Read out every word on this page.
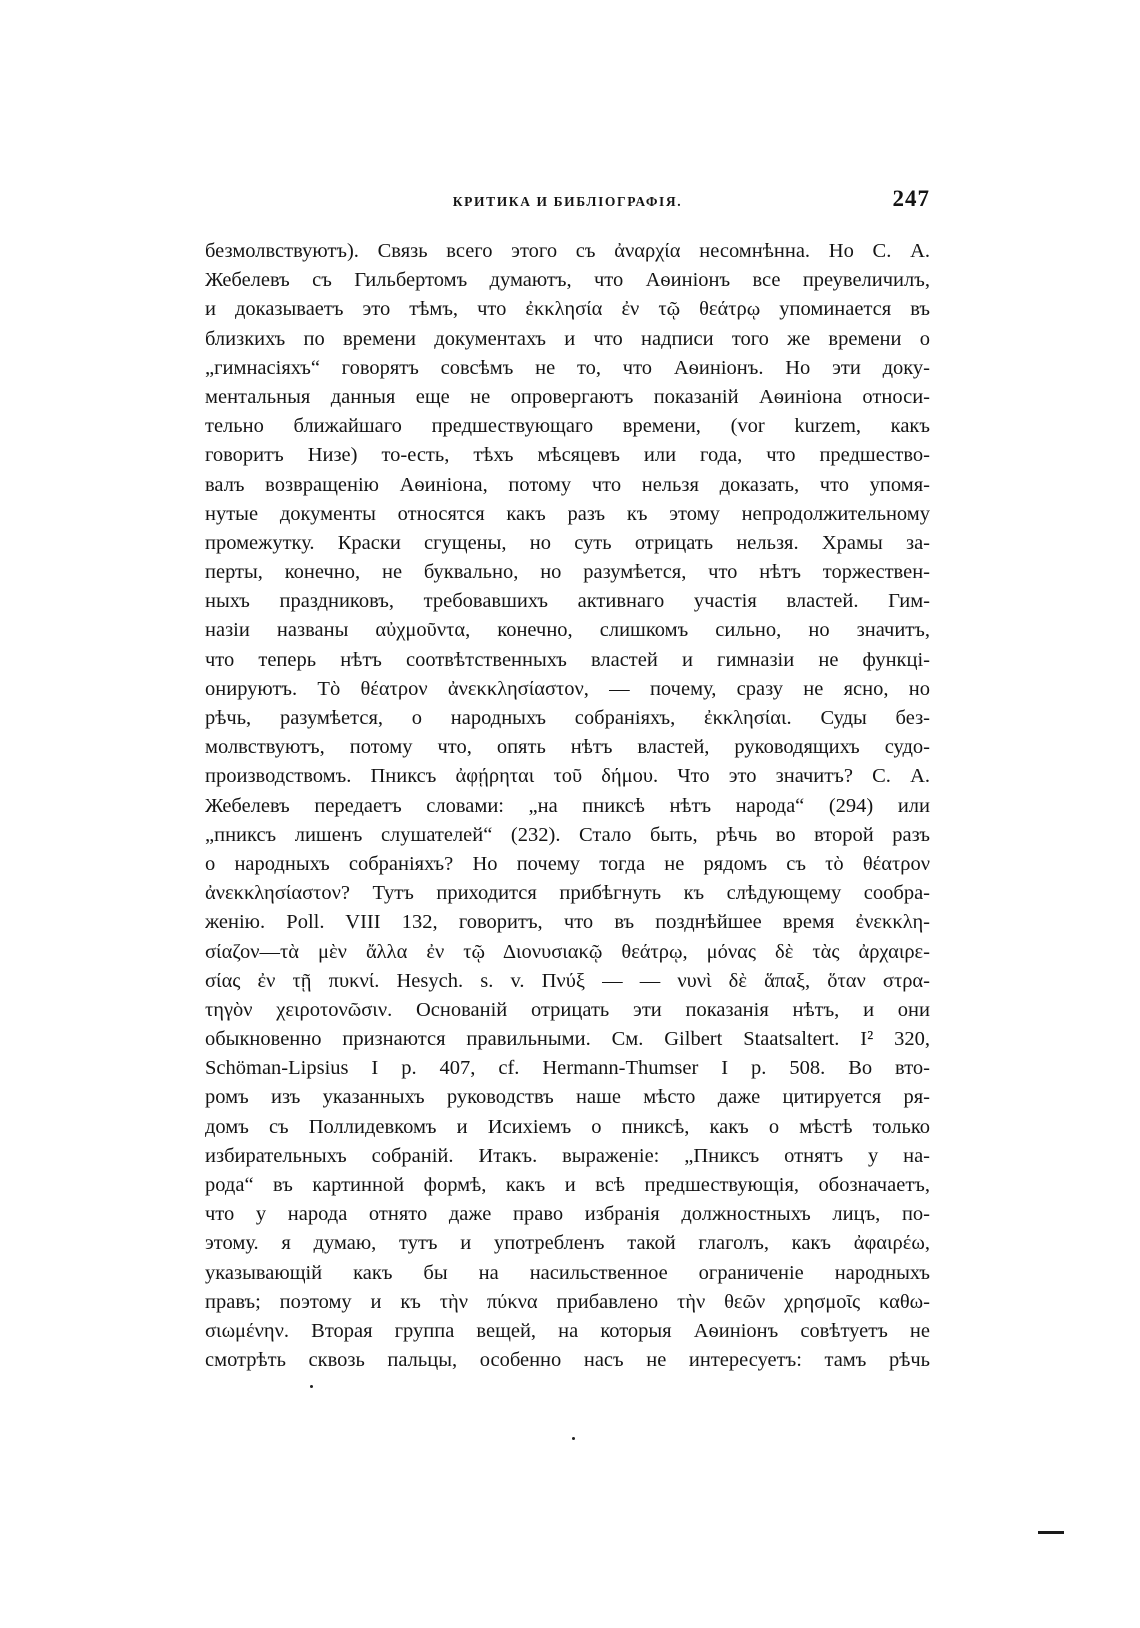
КРИТИКА И БИБЛІОГРАФІЯ.	247
безмолвствуютъ). Связь всего этого съ ἀναρχία несомнѣнна. Но С. А.
Жебелевъ съ Гильбертомъ думаютъ, что Аѳиніонъ все преувеличилъ,
и доказываетъ это тѣмъ, что ἐκκλησία ἐν τῷ θεάτρῳ упоминается въ
близкихъ по времени документахъ и что надписи того же времени о
„гимнасіяхъ“ говорятъ совсѣмъ не то, что Аѳиніонъ. Но эти доку-
ментальныя данныя еще не опровергаютъ показаній Аѳиніона относи-
тельно ближайшаго предшествующаго времени, (vor kurzem, какъ
говоритъ Низе) то-есть, тѣхъ мѣсяцевъ или года, что предшество-
валъ возвращенію Аѳиніона, потому что нельзя доказать, что упомя-
нутые документы относятся какъ разъ къ этому непродолжительному
промежутку. Краски сгущены, но суть отрицать нельзя. Храмы за-
перты, конечно, не буквально, но разумѣется, что нѣтъ торжествен-
ныхъ праздниковъ, требовавшихъ активнаго участія властей. Гим-
назіи названы αὐχμοῦντα, конечно, слишкомъ сильно, но значитъ,
что теперь нѣтъ соотвѣтственныхъ властей и гимназіи не функці-
онируютъ. Τὸ θέατρον ἀνεκκλησίαστον, — почему, сразу не ясно, но
рѣчь, разумѣется, о народныхъ собраніяхъ, ἐκκλησίαι. Суды без-
молвствуютъ, потому что, опять нѣтъ властей, руководящихъ судо-
производствомъ. Пниксъ ἀφῄρηται τοῦ δήμου. Что это значитъ? С. А.
Жебелевъ передаетъ словами: „на пниксѣ нѣтъ народа“ (294) или
„пниксъ лишенъ слушателей“ (232). Стало быть, рѣчь во второй разъ
о народныхъ собраніяхъ? Но почему тогда не рядомъ съ τὸ θέατρον
ἀνεκκλησίαστον? Тутъ приходится прибѣгнуть къ слѣдующему сообра-
женію. Poll. VIII 132, говоритъ, что въ позднѣйшее время ἐνεκκλη-
σίαζον—τὰ μὲν ἄλλα ἐν τῷ Διονυσιακῷ θεάτρῳ, μόνας δὲ τὰς ἀρχαιρε-
σίας ἐν τῇ πυκνί. Hesych. s. v. Πνύξ — — νυνὶ δὲ ἅπαξ, ὅταν στρα-
τηγὸν χειροτονῶσιν. Основаній отрицать эти показанія нѣтъ, и они
обыкновенно признаются правильными. См. Gilbert Staatsaltert. I² 320,
Schöman-Lipsius I p. 407, cf. Hermann-Thumser I p. 508. Во вто-
ромъ изъ указанныхъ руководствъ наше мѣсто даже цитируется ря-
домъ съ Поллидевкомъ и Исихіемъ о пниксѣ, какъ о мѣстѣ только
избирательныхъ собраній. Итакъ. выраженіе: „Пниксъ отнятъ у на-
рода“ въ картинной формѣ, какъ и всѣ предшествующія, обозначаетъ,
что у народа отнято даже право избранія должностныхъ лицъ, по-
этому. я думаю, тутъ и употребленъ такой глаголъ, какъ ἀφαιρέω,
указывающій какъ бы на насильственное ограниченіе народныхъ
правъ; поэтому и къ τὴν πύκνα прибавлено τὴν θεῶν χρησμοῖς καθω-
σιωμένην. Вторая группа вещей, на которыя Аѳиніонъ совѣтуетъ не
смотрѣть сквозь пальцы, особенно насъ не интересуетъ: тамъ рѣчь
